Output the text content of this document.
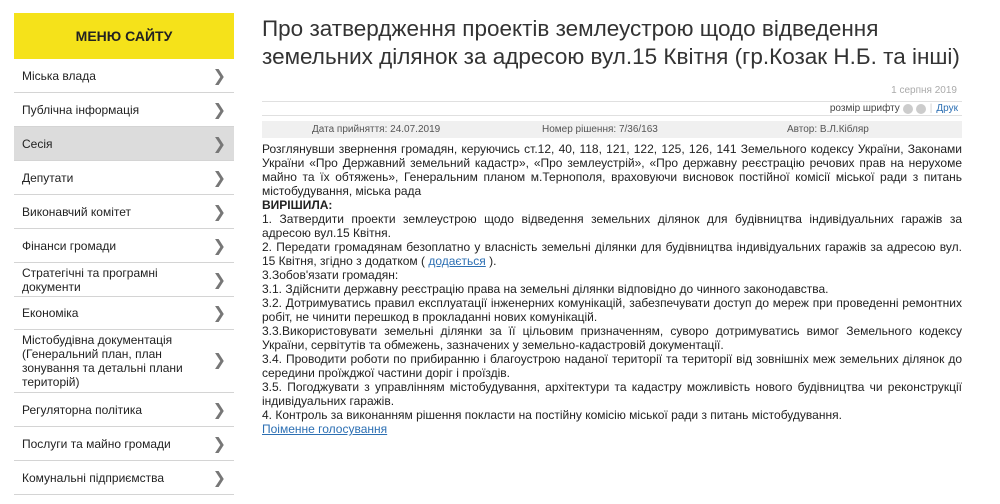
МЕНЮ САЙТУ
Міська влада	❯
Публічна інформація	❯
Сесія	❯
Депутати	❯
Виконавчий комітет	❯
Фінанси громади	❯
Стратегічні та програмні документи	❯
Економіка	❯
Містобудівна документація (Генеральний план, план зонування та детальні плани територій)
❯
Регуляторна політика	❯
Послуги та майно громади	❯
Комунальні підприємства	❯
Про затвердження проектів землеустрою щодо відведення земельних ділянок за адресою вул.15 Квітня (гр.Козак Н.Б. та інші)
1 серпня 2019
розмір шрифту	| Друк
Дата прийняття: 24.07.2019	Номер рішення: 7/36/163	Автор: В.Л.Кібляр

Розглянувши звернення громадян, керуючись ст.12, 40, 118, 121, 122, 125, 126, 141 Земельного кодексу України, Законами України «Про Державний земельний кадастр», «Про землеустрій», «Про державну реєстрацію речових прав на нерухоме майно та їх обтяжень», Генеральним планом м.Тернополя, враховуючи висновок постійної комісії міської ради з питань містобудування, міська рада

ВИРІШИЛА:

1. Затвердити проекти землеустрою щодо відведення земельних ділянок для будівництва індивідуальних гаражів за адресою вул.15 Квітня.

2. Передати громадянам безоплатно у власність земельні ділянки для будівництва індивідуальних гаражів за адресою вул. 15 Квітня, згідно з додатком ( додається ).

3.Зобов'язати громадян:

3.1. Здійснити державну реєстрацію права на земельні ділянки відповідно до чинного законодавства.

3.2. Дотримуватись правил експлуатації інженерних комунікацій, забезпечувати доступ до мереж при проведенні ремонтних робіт, не чинити перешкод в прокладанні нових комунікацій.

3.3.Використовувати земельні ділянки за її цільовим призначенням, суворо дотримуватись вимог Земельного кодексу України, сервітутів та обмежень, зазначених у земельно-кадастровій документації.

3.4. Проводити роботи по прибиранню і благоустрою наданої території та території від зовнішніх меж земельних ділянок до середини проїжджої частини доріг і проїздів.

3.5. Погоджувати з управлінням містобудування, архітектури та кадастру можливість нового будівництва чи реконструкції індивідуальних гаражів.

4. Контроль за виконанням рішення покласти на постійну комісію міської ради з питань містобудування.

Поіменне голосування
